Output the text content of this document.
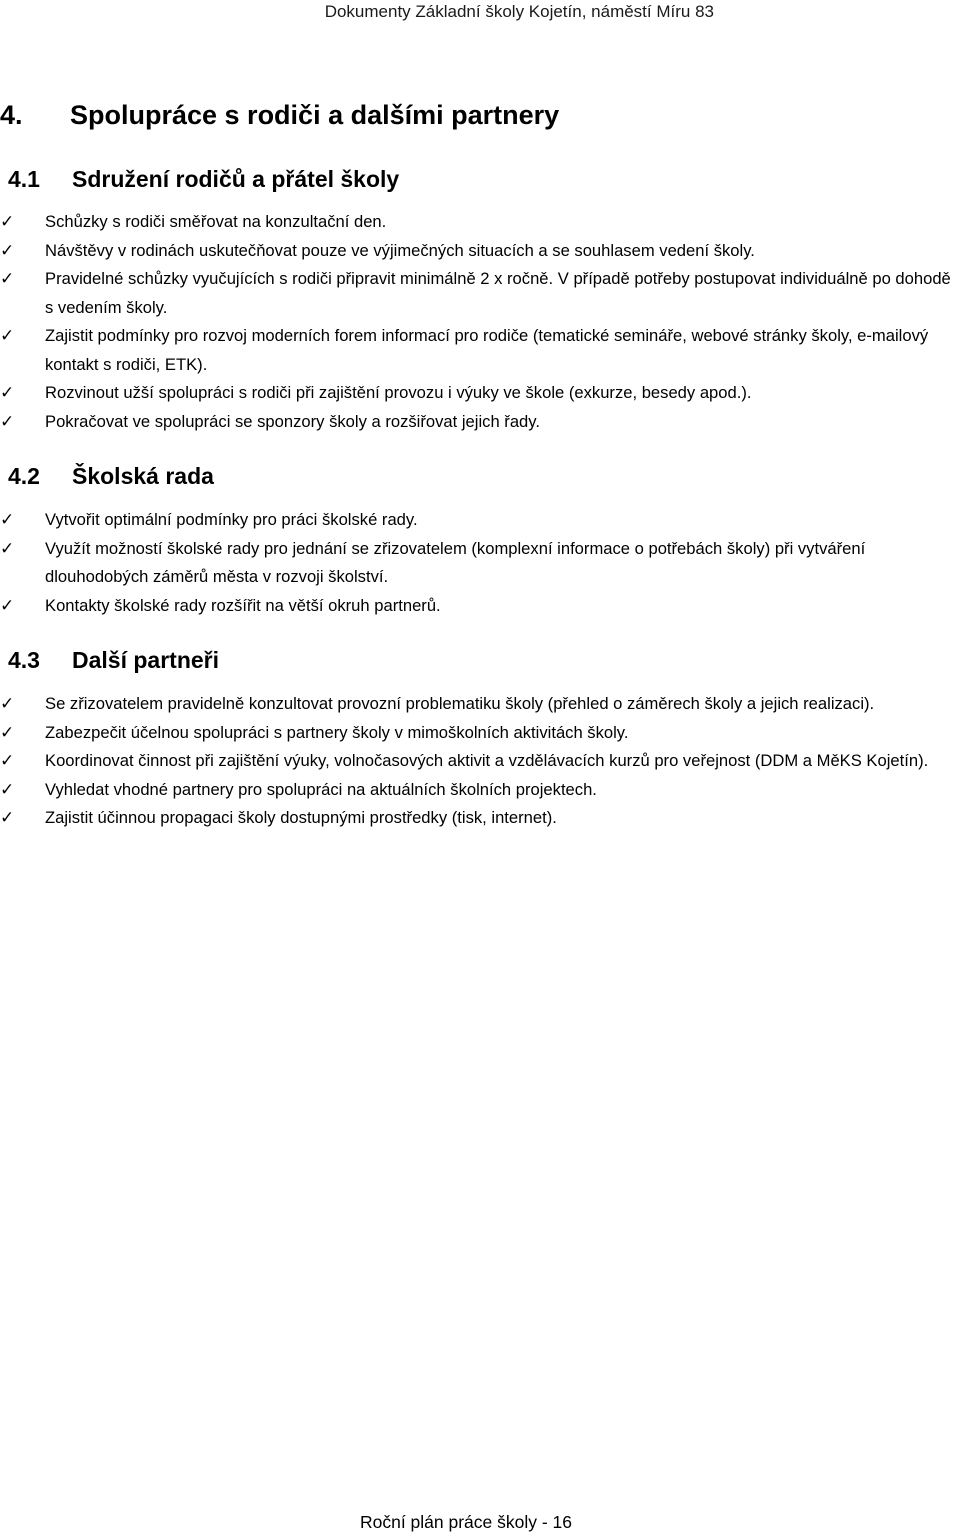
Dokumenty Základní školy Kojetín, náměstí Míru 83
4. Spolupráce s rodiči a dalšími partnery
4.1 Sdružení rodičů a přátel školy
✓	Schůzky s rodiči směřovat na konzultační den.
✓	Návštěvy v rodinách uskutečňovat pouze ve výjimečných situacích a se souhlasem vedení školy.
✓	Pravidelné schůzky vyučujících s rodiči připravit minimálně 2 x ročně. V případě potřeby postupovat individuálně po dohodě s vedením školy.
✓	Zajistit podmínky pro rozvoj moderních forem informací pro rodiče (tematické semináře, webové stránky školy, e-mailový kontakt s rodiči, ETK).
✓	Rozvinout užší spolupráci s rodiči při zajištění provozu i výuky ve škole (exkurze, besedy apod.).
✓	Pokračovat ve spolupráci se sponzory školy a rozšiřovat jejich řady.
4.2 Školská rada
✓	Vytvořit optimální podmínky pro práci školské rady.
✓	Využít možností školské rady pro jednání se zřizovatelem (komplexní informace o potřebách školy) při vytváření dlouhodobých záměrů města v rozvoji školství.
✓	Kontakty školské rady rozšířit na větší okruh partnerů.
4.3 Další partneři
✓	Se zřizovatelem pravidelně konzultovat provozní problematiku školy (přehled o záměrech školy a jejich realizaci).
✓	Zabezpečit účelnou spolupráci s partnery školy v mimoškolních aktivitách školy.
✓	Koordinovat činnost při zajištění výuky, volnočasových aktivit a vzdělávacích kurzů pro veřejnost (DDM a MěKS Kojetín).
✓	Vyhledat vhodné partnery pro spolupráci na aktuálních školních projektech.
✓	Zajistit účinnou propagaci školy dostupnými prostředky (tisk, internet).
Roční plán práce školy - 16
